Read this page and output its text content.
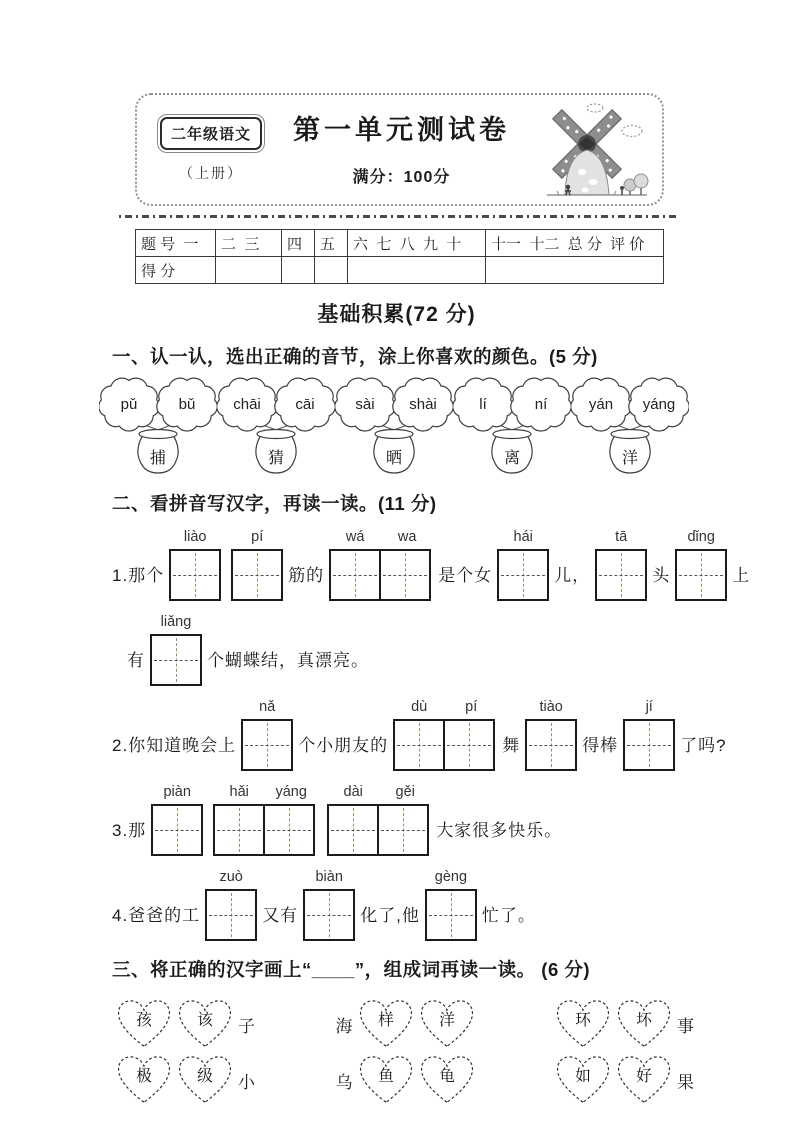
二年级语文
（上册）
第一单元测试卷
满分：100分
题 号  一	二  三	四	五	六  七  八  九  十	十一  十二  总 分  评 价
得 分					
基础积累(72 分)
一、认一认，选出正确的音节，涂上你喜欢的颜色。(5 分)
pǔ	bǔ
捕
chāi cāi
猜
sài shài
晒
lí	ní
离
yán yáng
洋
二、看拼音写汉字，再读一读。(11 分)
1.那个
liào	pí
筋的
wá	wa
是个女
hái
儿，
tā
头
dǐng
上
有
liǎng
个蝴蝶结，真漂亮。
2.你知道晚会上
nǎ
个小朋友的
dù	pí
舞
tiào
得棒
jí
了吗?
3.那
piàn	hǎi	yáng	dài	gěi
大家很多快乐。
4.爸爸的工
zuò
又有
biàn
化了,他
gèng
忙了。
三、将正确的汉字画上“____”，组成词再读一读。 (6 分)
孩	该 子
极	级 小
海 样	洋
乌 鱼	龟
环	坏 事
如	好 果
